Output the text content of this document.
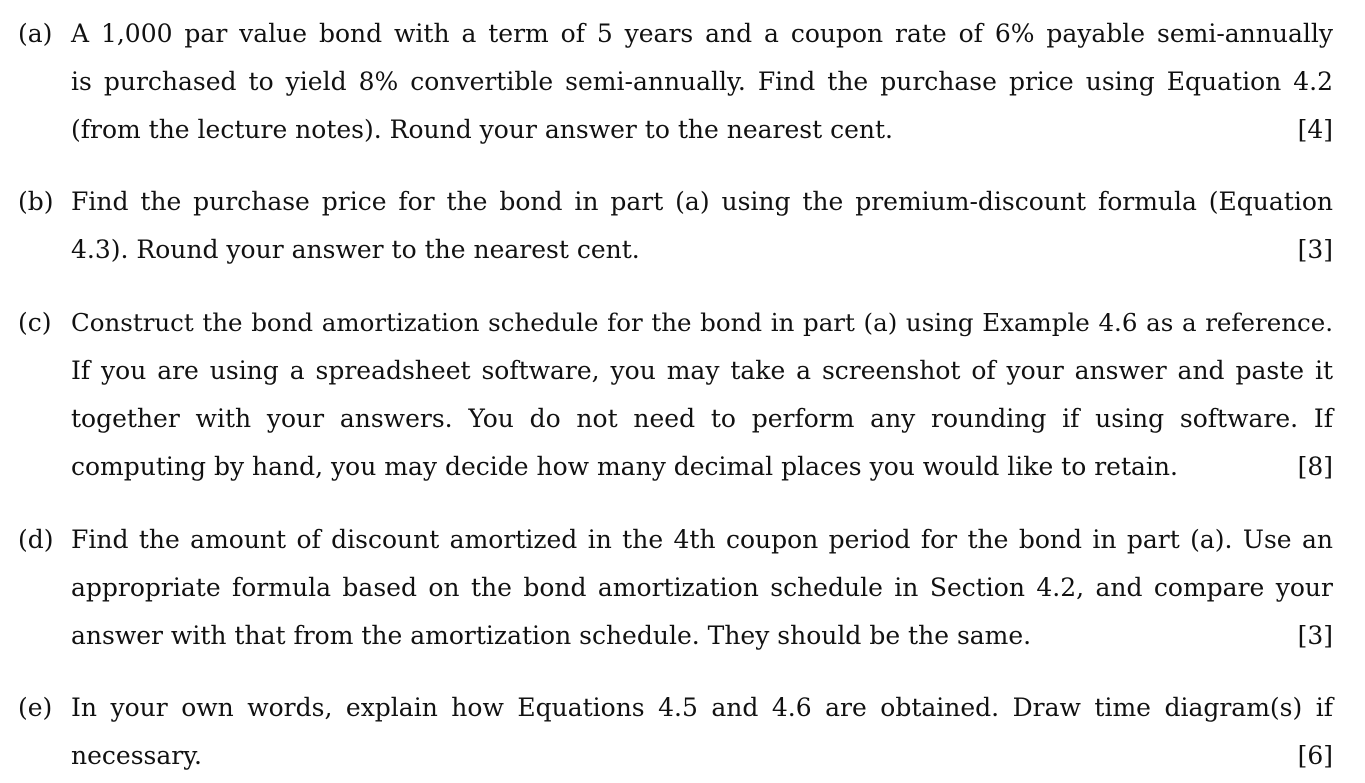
(a) A 1,000 par value bond with a term of 5 years and a coupon rate of 6% payable semi-annually
is purchased to yield 8% convertible semi-annually. Find the purchase price using Equation 4.2
(from the lecture notes). Round your answer to the nearest cent.	[4]
(b) Find the purchase price for the bond in part (a) using the premium-discount formula (Equation
4.3). Round your answer to the nearest cent.	[3]
(c) Construct the bond amortization schedule for the bond in part (a) using Example 4.6 as a reference.
If you are using a spreadsheet software, you may take a screenshot of your answer and paste it
together with your answers. You do not need to perform any rounding if using software. If
computing by hand, you may decide how many decimal places you would like to retain.	[8]
(d) Find the amount of discount amortized in the 4th coupon period for the bond in part (a). Use an
appropriate formula based on the bond amortization schedule in Section 4.2, and compare your
answer with that from the amortization schedule. They should be the same.	[3]
(e) In your own words, explain how Equations 4.5 and 4.6 are obtained. Draw time diagram(s) if
necessary.	[6]
